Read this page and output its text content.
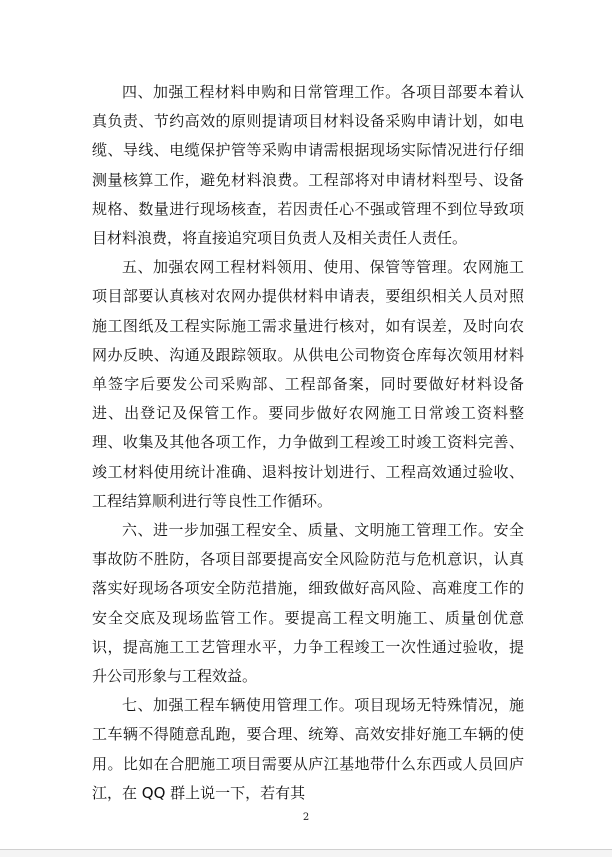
四、加强工程材料申购和日常管理工作。各项目部要本着认真负责、节约高效的原则提请项目材料设备采购申请计划，如电缆、导线、电缆保护管等采购申请需根据现场实际情况进行仔细测量核算工作，避免材料浪费。工程部将对申请材料型号、设备规格、数量进行现场核查，若因责任心不强或管理不到位导致项目材料浪费，将直接追究项目负责人及相关责任人责任。

五、加强农网工程材料领用、使用、保管等管理。农网施工项目部要认真核对农网办提供材料申请表，要组织相关人员对照施工图纸及工程实际施工需求量进行核对，如有误差，及时向农网办反映、沟通及跟踪领取。从供电公司物资仓库每次领用材料单签字后要发公司采购部、工程部备案，同时要做好材料设备进、出登记及保管工作。要同步做好农网施工日常竣工资料整理、收集及其他各项工作，力争做到工程竣工时竣工资料完善、竣工材料使用统计准确、退料按计划进行、工程高效通过验收、工程结算顺利进行等良性工作循环。

六、进一步加强工程安全、质量、文明施工管理工作。安全事故防不胜防，各项目部要提高安全风险防范与危机意识，认真落实好现场各项安全防范措施，细致做好高风险、高难度工作的安全交底及现场监管工作。要提高工程文明施工、质量创优意识，提高施工工艺管理水平，力争工程竣工一次性通过验收，提升公司形象与工程效益。

七、加强工程车辆使用管理工作。项目现场无特殊情况，施工车辆不得随意乱跑，要合理、统筹、高效安排好施工车辆的使用。比如在合肥施工项目需要从庐江基地带什么东西或人员回庐江，在 QQ 群上说一下，若有其

2
